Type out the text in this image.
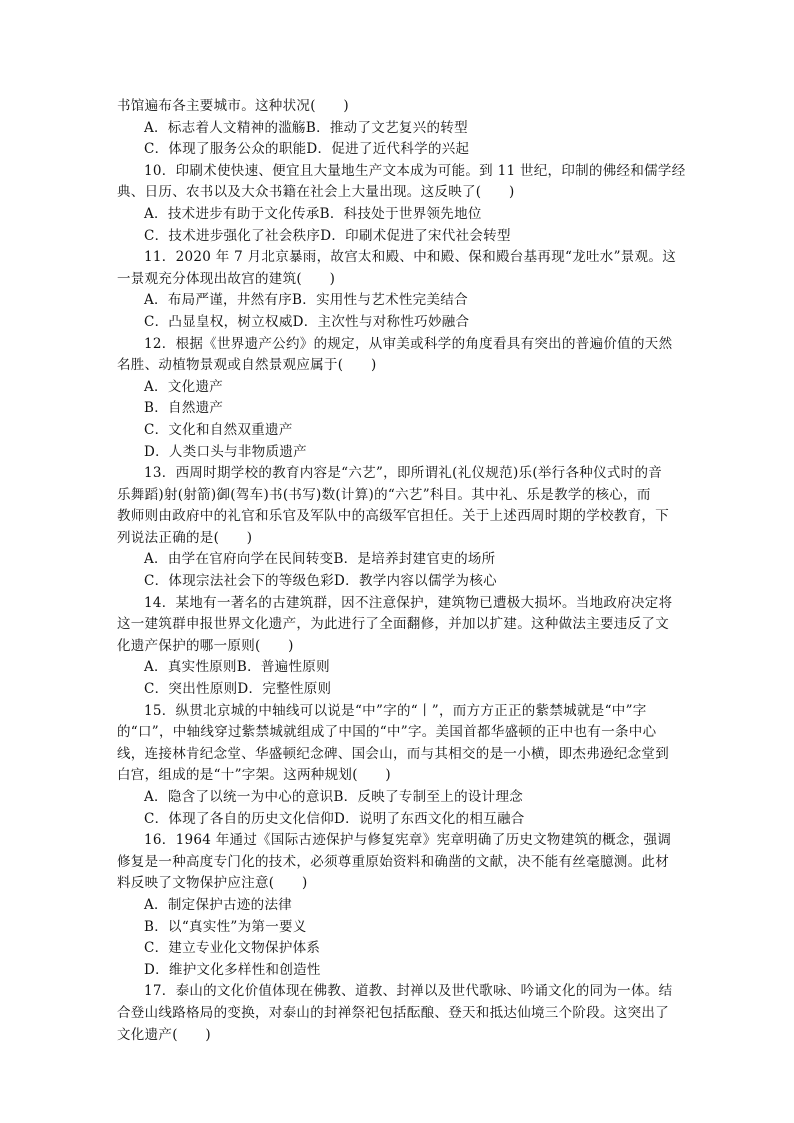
书馆遍布各主要城市。这种状况(　　)
A．标志着人文精神的滥觞B．推动了文艺复兴的转型
C．体现了服务公众的职能D．促进了近代科学的兴起
10．印刷术使快速、便宜且大量地生产文本成为可能。到 11 世纪，印制的佛经和儒学经
典、日历、农书以及大众书籍在社会上大量出现。这反映了(　　)
A．技术进步有助于文化传承B．科技处于世界领先地位
C．技术进步强化了社会秩序D．印刷术促进了宋代社会转型
11．2020 年 7 月北京暴雨，故宫太和殿、中和殿、保和殿台基再现“龙吐水”景观。这
一景观充分体现出故宫的建筑(　　)
A．布局严谨，井然有序B．实用性与艺术性完美结合
C．凸显皇权，树立权威D．主次性与对称性巧妙融合
12．根据《世界遗产公约》的规定，从审美或科学的角度看具有突出的普遍价值的天然
名胜、动植物景观或自然景观应属于(　　)
A．文化遗产
B．自然遗产
C．文化和自然双重遗产
D．人类口头与非物质遗产
13．西周时期学校的教育内容是“六艺”，即所谓礼(礼仪规范)乐(举行各种仪式时的音
乐舞蹈)射(射箭)御(驾车)书(书写)数(计算)的“六艺”科目。其中礼、乐是教学的核心，而
教师则由政府中的礼官和乐官及军队中的高级军官担任。关于上述西周时期的学校教育，下
列说法正确的是(　　)
A．由学在官府向学在民间转变B．是培养封建官吏的场所
C．体现宗法社会下的等级色彩D．教学内容以儒学为核心
14．某地有一著名的古建筑群，因不注意保护，建筑物已遭极大损坏。当地政府决定将
这一建筑群申报世界文化遗产，为此进行了全面翻修，并加以扩建。这种做法主要违反了文
化遗产保护的哪一原则(　　)
A．真实性原则B．普遍性原则
C．突出性原则D．完整性原则
15．纵贯北京城的中轴线可以说是“中”字的“丨”，而方方正正的紫禁城就是“中”字
的“口”，中轴线穿过紫禁城就组成了中国的“中”字。美国首都华盛顿的正中也有一条中心
线，连接林肯纪念堂、华盛顿纪念碑、国会山，而与其相交的是一小横，即杰弗逊纪念堂到
白宫，组成的是“十”字架。这两种规划(　　)
A．隐含了以统一为中心的意识B．反映了专制至上的设计理念
C．体现了各自的历史文化信仰D．说明了东西文化的相互融合
16．1964 年通过《国际古迹保护与修复宪章》宪章明确了历史文物建筑的概念，强调
修复是一种高度专门化的技术，必须尊重原始资料和确凿的文献，决不能有丝毫臆测。此材
料反映了文物保护应注意(　　)
A．制定保护古迹的法律
B．以“真实性”为第一要义
C．建立专业化文物保护体系
D．维护文化多样性和创造性
17．泰山的文化价值体现在佛教、道教、封禅以及世代歌咏、吟诵文化的同为一体。结
合登山线路格局的变换，对泰山的封禅祭祀包括酝酿、登天和抵达仙境三个阶段。这突出了
文化遗产(　　)
